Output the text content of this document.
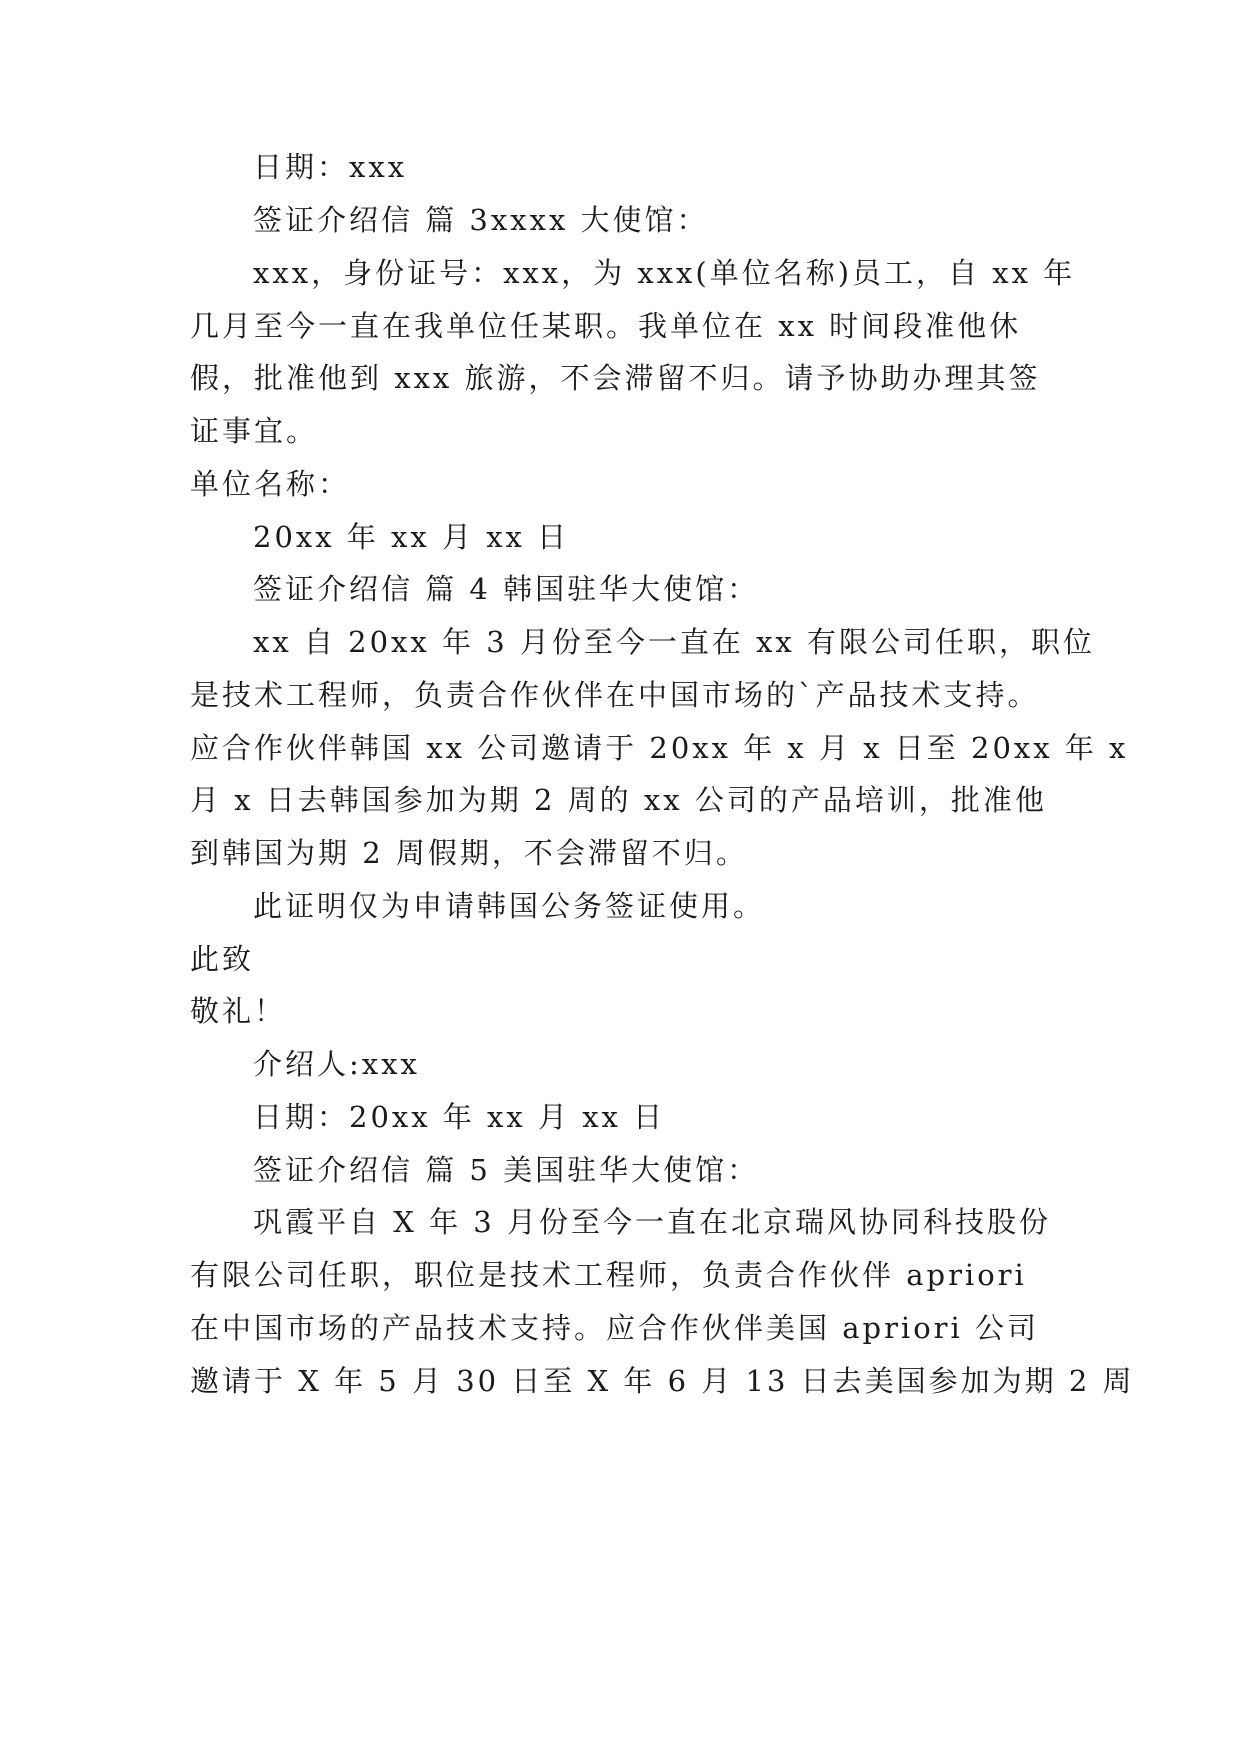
日期：xxx
签证介绍信 篇 3xxxx 大使馆：
xxx，身份证号：xxx，为 xxx(单位名称)员工，自 xx 年
几月至今一直在我单位任某职。我单位在 xx 时间段准他休
假，批准他到 xxx 旅游，不会滞留不归。请予协助办理其签
证事宜。
单位名称：
20xx 年 xx 月 xx 日
签证介绍信 篇 4 韩国驻华大使馆：
xx 自 20xx 年 3 月份至今一直在 xx 有限公司任职，职位
是技术工程师，负责合作伙伴在中国市场的`产品技术支持。
应合作伙伴韩国 xx 公司邀请于 20xx 年 x 月 x 日至 20xx 年 x
月 x 日去韩国参加为期 2 周的 xx 公司的产品培训，批准他
到韩国为期 2 周假期，不会滞留不归。
此证明仅为申请韩国公务签证使用。
此致
敬礼！
介绍人:xxx
日期：20xx 年 xx 月 xx 日
签证介绍信 篇 5 美国驻华大使馆：
巩霞平自 X 年 3 月份至今一直在北京瑞风协同科技股份
有限公司任职，职位是技术工程师，负责合作伙伴 apriori
在中国市场的产品技术支持。应合作伙伴美国 apriori 公司
邀请于 X 年 5 月 30 日至 X 年 6 月 13 日去美国参加为期 2 周
